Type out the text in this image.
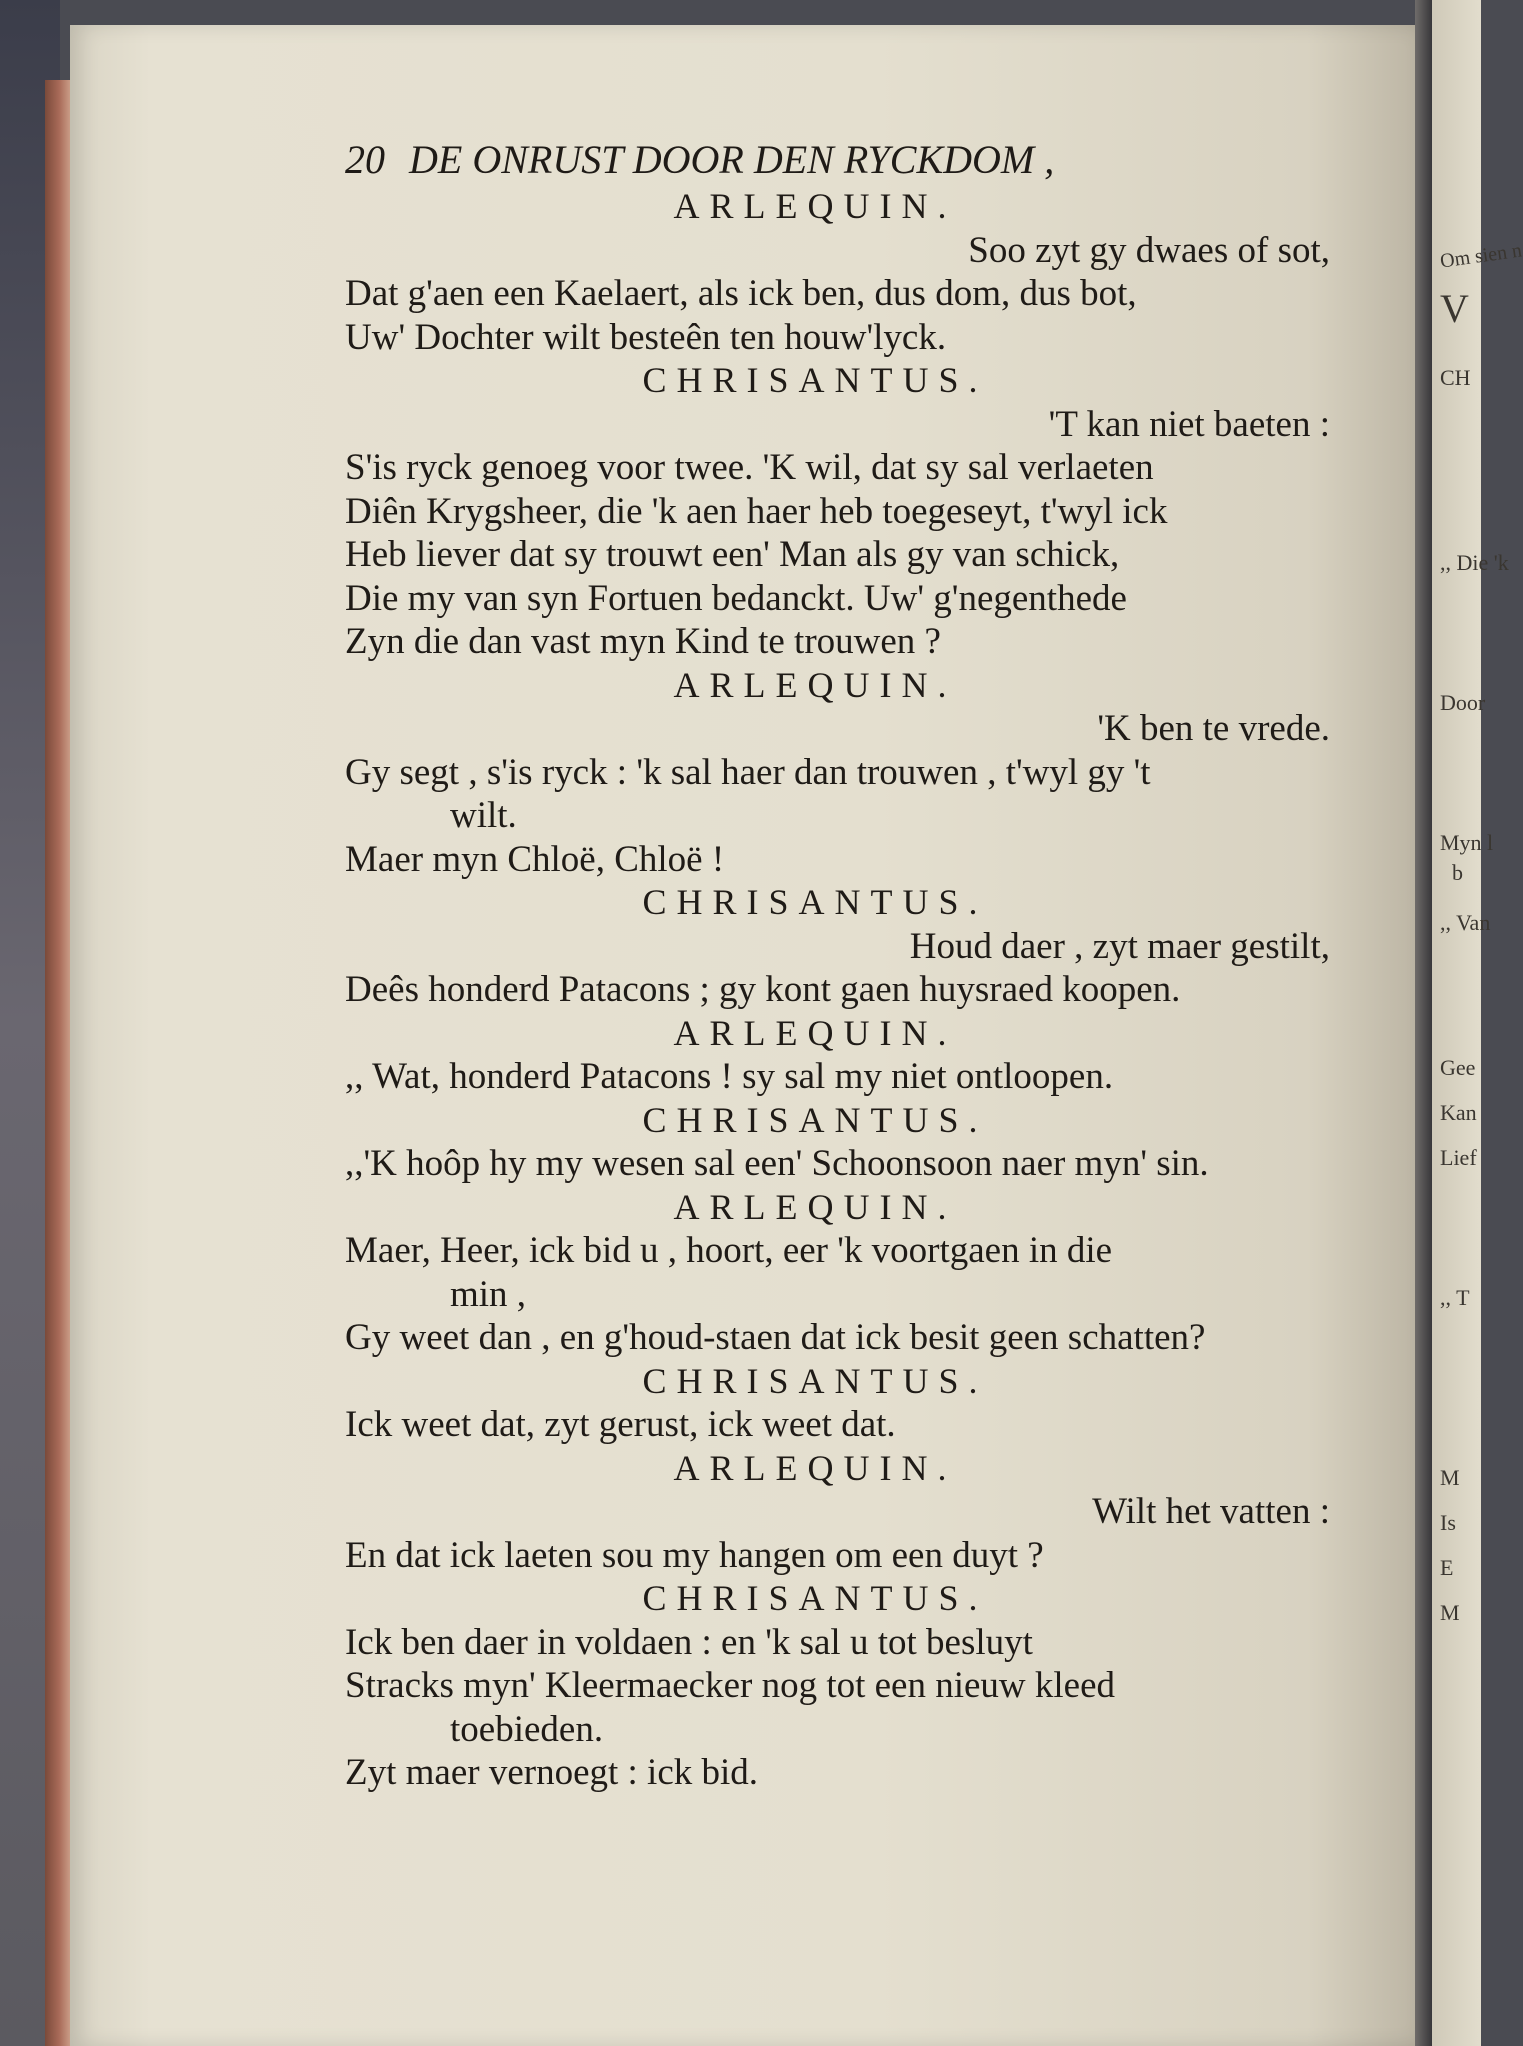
Om sien n
V
CH
,, Die 'k
Door
Myn l
b
,, Van
Gee
Kan
Lief
,, T
M
Is
E
M
20 DE ONRUST DOOR DEN RYCKDOM ,
ARLEQUIN.
Soo zyt gy dwaes of sot,
Dat g'aen een Kaelaert, als ick ben, dus dom, dus bot,
Uw' Dochter wilt besteên ten houw'lyck.
CHRISANTUS.
'T kan niet baeten :
S'is ryck genoeg voor twee. 'K wil, dat sy sal verlaeten
Diên Krygsheer, die 'k aen haer heb toegeseyt, t'wyl ick
Heb liever dat sy trouwt een' Man als gy van schick,
Die my van syn Fortuen bedanckt. Uw' g'negenthede
Zyn die dan vast myn Kind te trouwen ?
ARLEQUIN.
'K ben te vrede.
Gy segt , s'is ryck : 'k sal haer dan trouwen , t'wyl gy 't
wilt.
Maer myn Chloë, Chloë !
CHRISANTUS.
Houd daer , zyt maer gestilt,
Deês honderd Patacons ; gy kont gaen huysraed koopen.
ARLEQUIN.
,, Wat, honderd Patacons ! sy sal my niet ontloopen.
CHRISANTUS.
,,'K hoôp hy my wesen sal een' Schoonsoon naer myn' sin.
ARLEQUIN.
Maer, Heer, ick bid u , hoort, eer 'k voortgaen in die
min ,
Gy weet dan , en g'houd-staen dat ick besit geen schatten?
CHRISANTUS.
Ick weet dat, zyt gerust, ick weet dat.
ARLEQUIN.
Wilt het vatten :
En dat ick laeten sou my hangen om een duyt ?
CHRISANTUS.
Ick ben daer in voldaen : en 'k sal u tot besluyt
Stracks myn' Kleermaecker nog tot een nieuw kleed
toebieden.
Zyt maer vernoegt : ick bid.
